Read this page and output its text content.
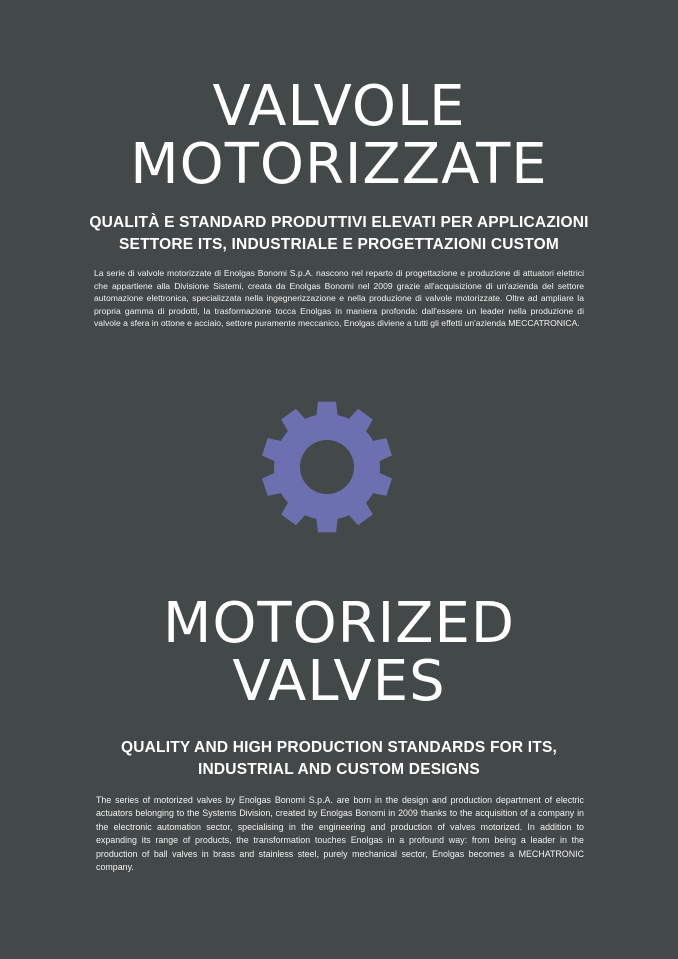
VALVOLE
MOTORIZZATE
QUALITÀ E STANDARD PRODUTTIVI ELEVATI PER APPLICAZIONI
SETTORE ITS, INDUSTRIALE E PROGETTAZIONI CUSTOM

La serie di valvole motorizzate di Enolgas Bonomi S.p.A. nascono nel reparto di progettazione e produzione di attuatori elettrici che appartiene alla Divisione Sistemi, creata da Enolgas Bonomi nel 2009 grazie all'acquisizione di un'azienda del settore automazione elettronica, specializzata nella ingegnerizzazione e nella produzione di valvole motorizzate. Oltre ad ampliare la propria gamma di prodotti, la trasformazione tocca Enolgas in maniera profonda: dall'essere un leader nella produzione di valvole a sfera in ottone e acciaio, settore puramente meccanico, Enolgas diviene a tutti gli effetti un'azienda MECCATRONICA.

MOTORIZED
VALVES
QUALITY AND HIGH PRODUCTION STANDARDS FOR ITS,
INDUSTRIAL AND CUSTOM DESIGNS

The series of motorized valves by Enolgas Bonomi S.p.A. are born in the design and production department of electric actuators belonging to the Systems Division, created by Enolgas Bonomi in 2009 thanks to the acquisition of a company in the electronic automation sector, specialising in the engineering and production of valves motorized. In addition to expanding its range of products, the transformation touches Enolgas in a profound way: from being a leader in the production of ball valves in brass and stainless steel, purely mechanical sector, Enolgas becomes a MECHATRONIC company.
